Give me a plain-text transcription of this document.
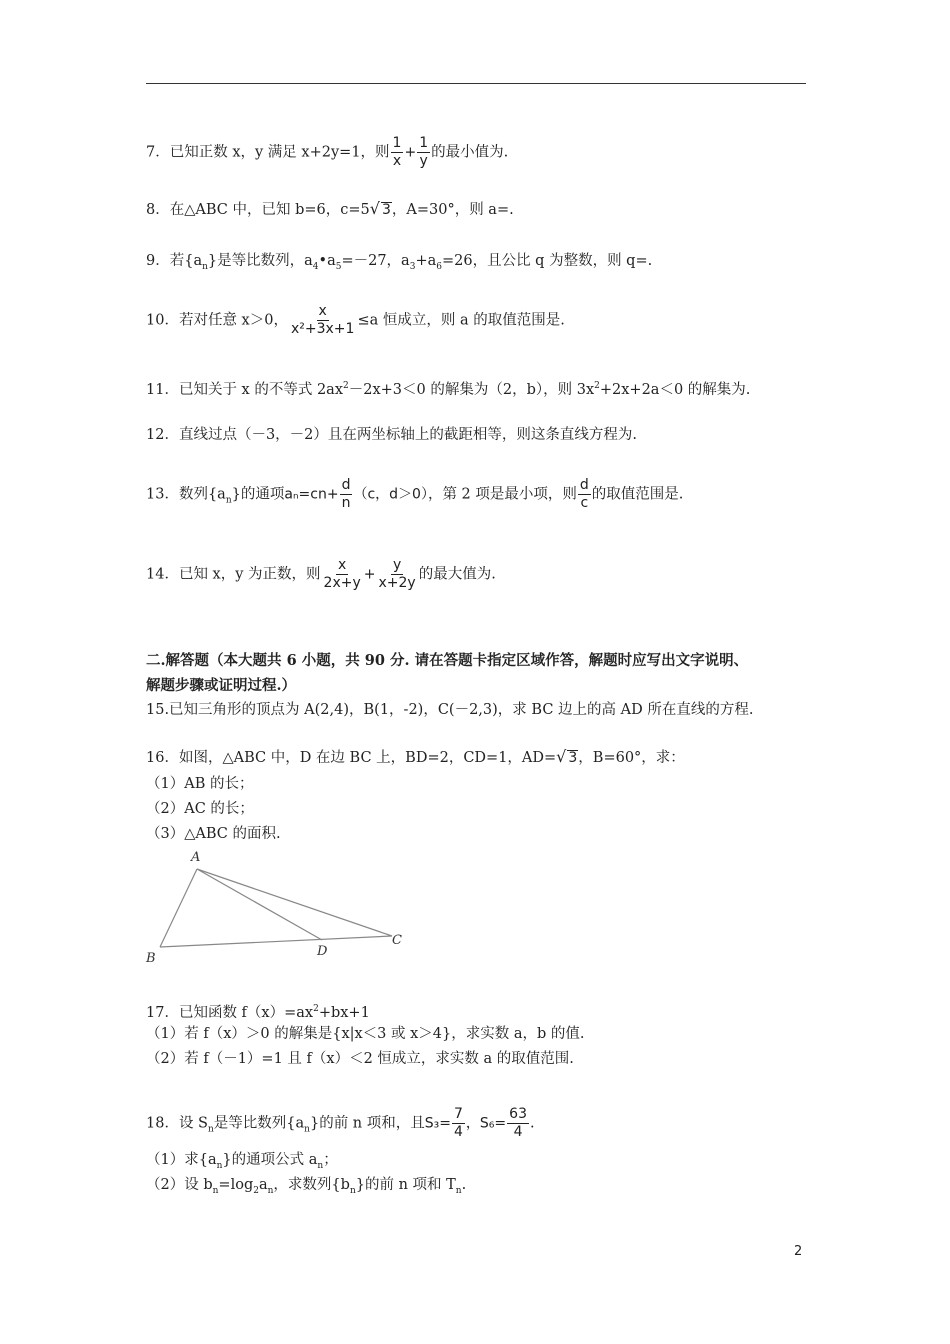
7．已知正数 x，y 满足 x+2y=1，则 $\frac{1}{x} + \frac{1}{y}$ 的最小值为.
8．在△ABC 中，已知 b=6，c=5√ 3，A=30°，则 a=.
9．若$\{a_n\}$是等比数列，$a_4•a_5=-27$，$a_3+a_6=26$，且公比 q 为整数，则 q=.
10．若对任意 x＞0， $\frac{x}{\text{x²+3x+1}} \le a$ 恒成立，则 a 的取值范围是.
11．已知关于 x 的不等式 $2ax^2-2x+3<0$ 的解集为（2，b），则 $3x^2+2x+2a<0$ 的解集为.
12．直线过点（－3，－2）且在两坐标轴上的截距相等，则这条直线方程为.
13．数列$\{a_n\}$的通项$a_n=cn+ \frac{d}{n} (c$，d＞0），第 2 项是最小项，则 $\frac{d}{c}$ 的取值范围是.
14．已知 x，y 为正数，则 $\frac{x}{2x+y} + \frac{y}{x+2y}$ 的最大值为.
二.解答题（本大题共 6 小题，共 90 分. 请在答题卡指定区域作答，解题时应写出文字说明、
解题步骤或证明过程.）
15.已知三角形的顶点为 A(2,4)，B(1，-2)，C(－2,3)，求 BC 边上的高 AD 所在直线的方程.
16．如图，△ABC 中，D 在边 BC 上，BD=2，CD=1，AD=√ 3，B=60°，求：
（1）AB 的长；
（2）AC 的长；
（3）△ABC 的面积.
A
B	D
C
17．已知函数 $f(x)=ax^2+bx+1$
（1）若 f（x）＞0 的解集是{x|x＜3 或 x＞4}，求实数 a，b 的值.
（2）若 f（－1）=1 且 f（x）＜2 恒成立，求实数 a 的取值范围.
18．设 $S_n$是等比数列$\{a_n\}$的前 n 项和，且$S_3= \frac{7}{4}$ ，$S_6= \frac{63}{4}$ .
（1）求$\{a_n\}$的通项公式 $a_n$；
（2）设 $b_n=\log_2a_n$，求数列$\{b_n\}$的前 n 项和 $T_n$.
2
